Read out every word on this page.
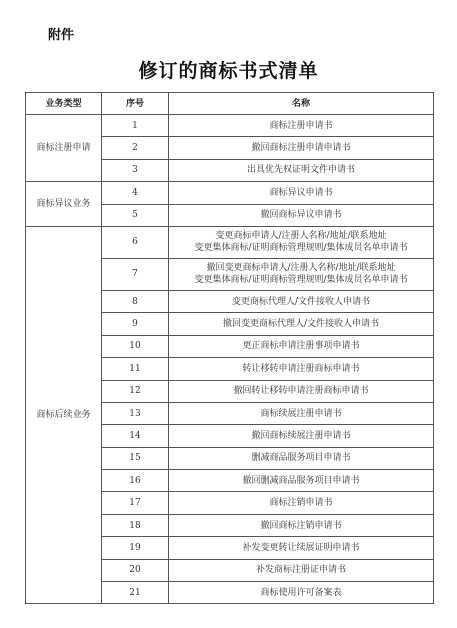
附件
修订的商标书式清单
业务类型	序号	名称
商标注册申请	1	商标注册申请书
	2	撤回商标注册申请申请书
	3	出具优先权证明文件申请书
商标异议业务	4	商标异议申请书
	5	撤回商标异议申请书
商标后续业务	6	变更商标申请人/注册人名称/地址/联系地址
变更集体商标/证明商标管理规则/集体成员名单申请书

	7	撤回变更商标申请人/注册人名称/地址/联系地址
变更集体商标/证明商标管理规则/集体成员名单申请书

	8	变更商标代理人/文件接收人申请书
	9	撤回变更商标代理人/文件接收人申请书
	10	更正商标申请注册事项申请书
	11	转让移转申请注册商标申请书
	12	撤回转让移转申请注册商标申请书
	13	商标续展注册申请书
	14	撤回商标续展注册申请书
	15	删减商品服务项目申请书
	16	撤回删减商品服务项目申请书
	17	商标注销申请书
	18	撤回商标注销申请书
	19	补发变更转让续展证明申请书
	20	补发商标注册证申请书
	21	商标使用许可备案表
